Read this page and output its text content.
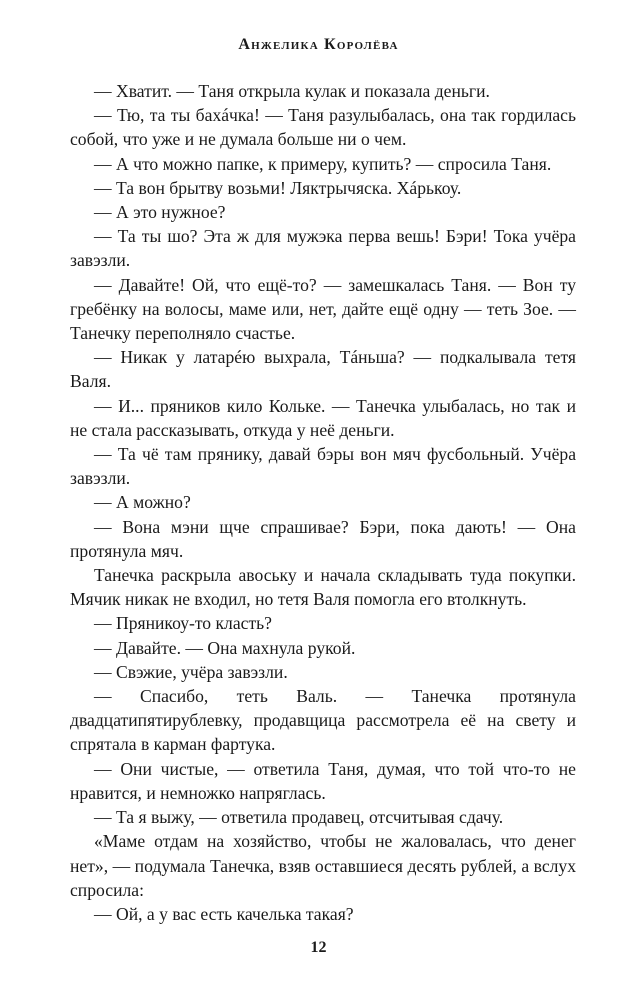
Анжелика Королёва

— Хватит. — Таня открыла кулак и показала деньги.

— Тю, та ты бахáчка! — Таня разулыбалась, она так гордилась собой, что уже и не думала больше ни о чем.

— А что можно папке, к примеру, купить? — спросила Таня.

— Та вон брытву возьми! Ляктрычяска. Хáрькоу.

— А это нужное?

— Та ты шо? Эта ж для мужэка перва вешь! Бэри! Тока учёра завэзли.

— Давайте! Ой, что ещё-то? — замешкалась Таня. — Вон ту гребёнку на волосы, маме или, нет, дайте ещё одну — теть Зое. — Танечку переполняло счастье.

— Никак у латарéю выхрала, Тáньша? — подкалывала тетя Валя.

— И... пряников кило Кольке. — Танечка улыбалась, но так и не стала рассказывать, откуда у неё деньги.

— Та чё там прянику, давай бэры вон мяч фусбольный. Учёра завэзли.

— А можно?

— Вона мэни щче спрашивае? Бэри, пока дають! — Она протянула мяч.

Танечка раскрыла авоську и начала складывать туда покупки. Мячик никак не входил, но тетя Валя помогла его втолкнуть.

— Пряникоу-то класть?

— Давайте. — Она махнула рукой.

— Свэжие, учёра завэзли.

— Спасибо, теть Валь. — Танечка протянула двадцатипятирублевку, продавщица рассмотрела её на свету и спрятала в карман фартука.

— Они чистые, — ответила Таня, думая, что той что-то не нравится, и немножко напряглась.

— Та я выжу, — ответила продавец, отсчитывая сдачу.

«Маме отдам на хозяйство, чтобы не жаловалась, что денег нет», — подумала Танечка, взяв оставшиеся десять рублей, а вслух спросила:

— Ой, а у вас есть качелька такая?

12
